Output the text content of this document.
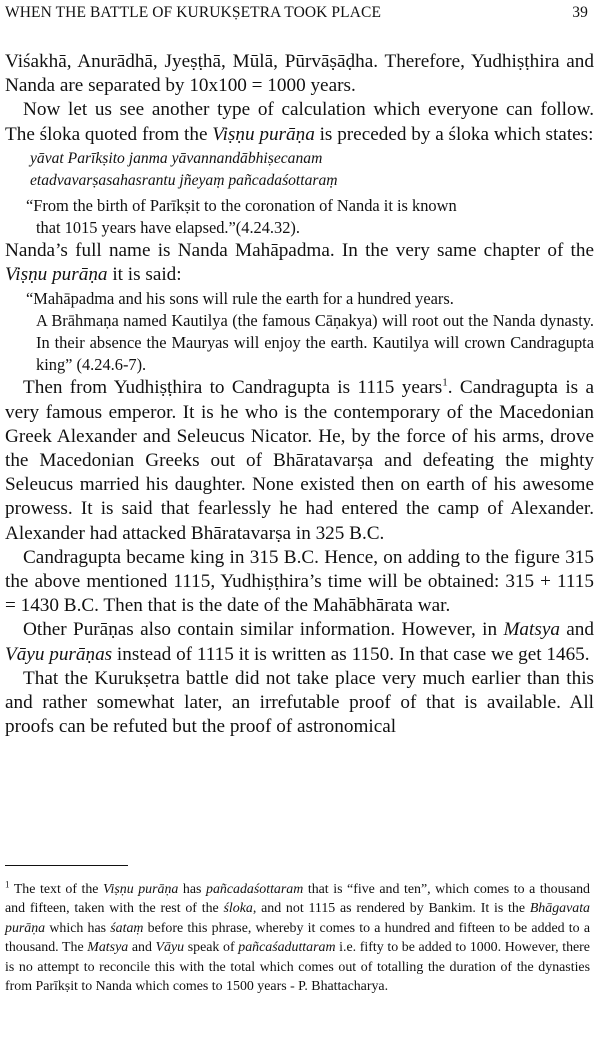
WHEN THE BATTLE OF KURUKṢETRA TOOK PLACE	39

Viśakhā, Anurādhā, Jyeṣṭhā, Mūlā, Pūrvāṣāḍha. Therefore, Yudhiṣṭhira and Nanda are separated by 10x100 = 1000 years.

Now let us see another type of calculation which everyone can follow. The śloka quoted from the Viṣṇu purāṇa is preceded by a śloka which states:

yāvat Parīkṣito janma yāvannandābhiṣecanam
etadvavarṣasahasrantu jñeyaṃ pañcadaśottaraṃ
“From the birth of Parīkṣit to the coronation of Nanda it is known
that 1015 years have elapsed.”(4.24.32).

Nanda’s full name is Nanda Mahāpadma. In the very same chapter of the Viṣṇu purāṇa it is said:

“Mahāpadma and his sons will rule the earth for a hundred years.
A Brāhmaṇa named Kautilya (the famous Cāṇakya) will root out the Nanda dynasty. In their absence the Mauryas will enjoy the earth. Kautilya will crown Candragupta king” (4.24.6-7).

Then from Yudhiṣṭhira to Candragupta is 1115 years$^1$. Candragupta is a very famous emperor. It is he who is the contemporary of the Macedonian Greek Alexander and Seleucus Nicator. He, by the force of his arms, drove the Macedonian Greeks out of Bhāratavarṣa and defeating the mighty Seleucus married his daughter. None existed then on earth of his awesome prowess. It is said that fearlessly he had entered the camp of Alexander. Alexander had attacked Bhāratavarṣa in 325 B.C.

Candragupta became king in 315 B.C. Hence, on adding to the figure 315 the above mentioned 1115, Yudhiṣṭhira’s time will be obtained: 315 + 1115 = 1430 B.C. Then that is the date of the Mahābhārata war.

Other Purāṇas also contain similar information. However, in Matsya and Vāyu purāṇas instead of 1115 it is written as 1150. In that case we get 1465.

That the Kurukṣetra battle did not take place very much earlier than this and rather somewhat later, an irrefutable proof of that is available. All proofs can be refuted but the proof of astronomical

$^1$ The text of the Viṣṇu purāṇa has pañcadaśottaram that is “five and ten”, which comes to a thousand and fifteen, taken with the rest of the śloka, and not 1115 as rendered by Bankim. It is the Bhāgavata purāṇa which has śataṃ before this phrase, whereby it comes to a hundred and fifteen to be added to a thousand. The Matsya and Vāyu speak of pañcaśaduttaram i.e. fifty to be added to 1000. However, there is no attempt to reconcile this with the total which comes out of totalling the duration of the dynasties from Parīkṣit to Nanda which comes to 1500 years - P. Bhattacharya.
